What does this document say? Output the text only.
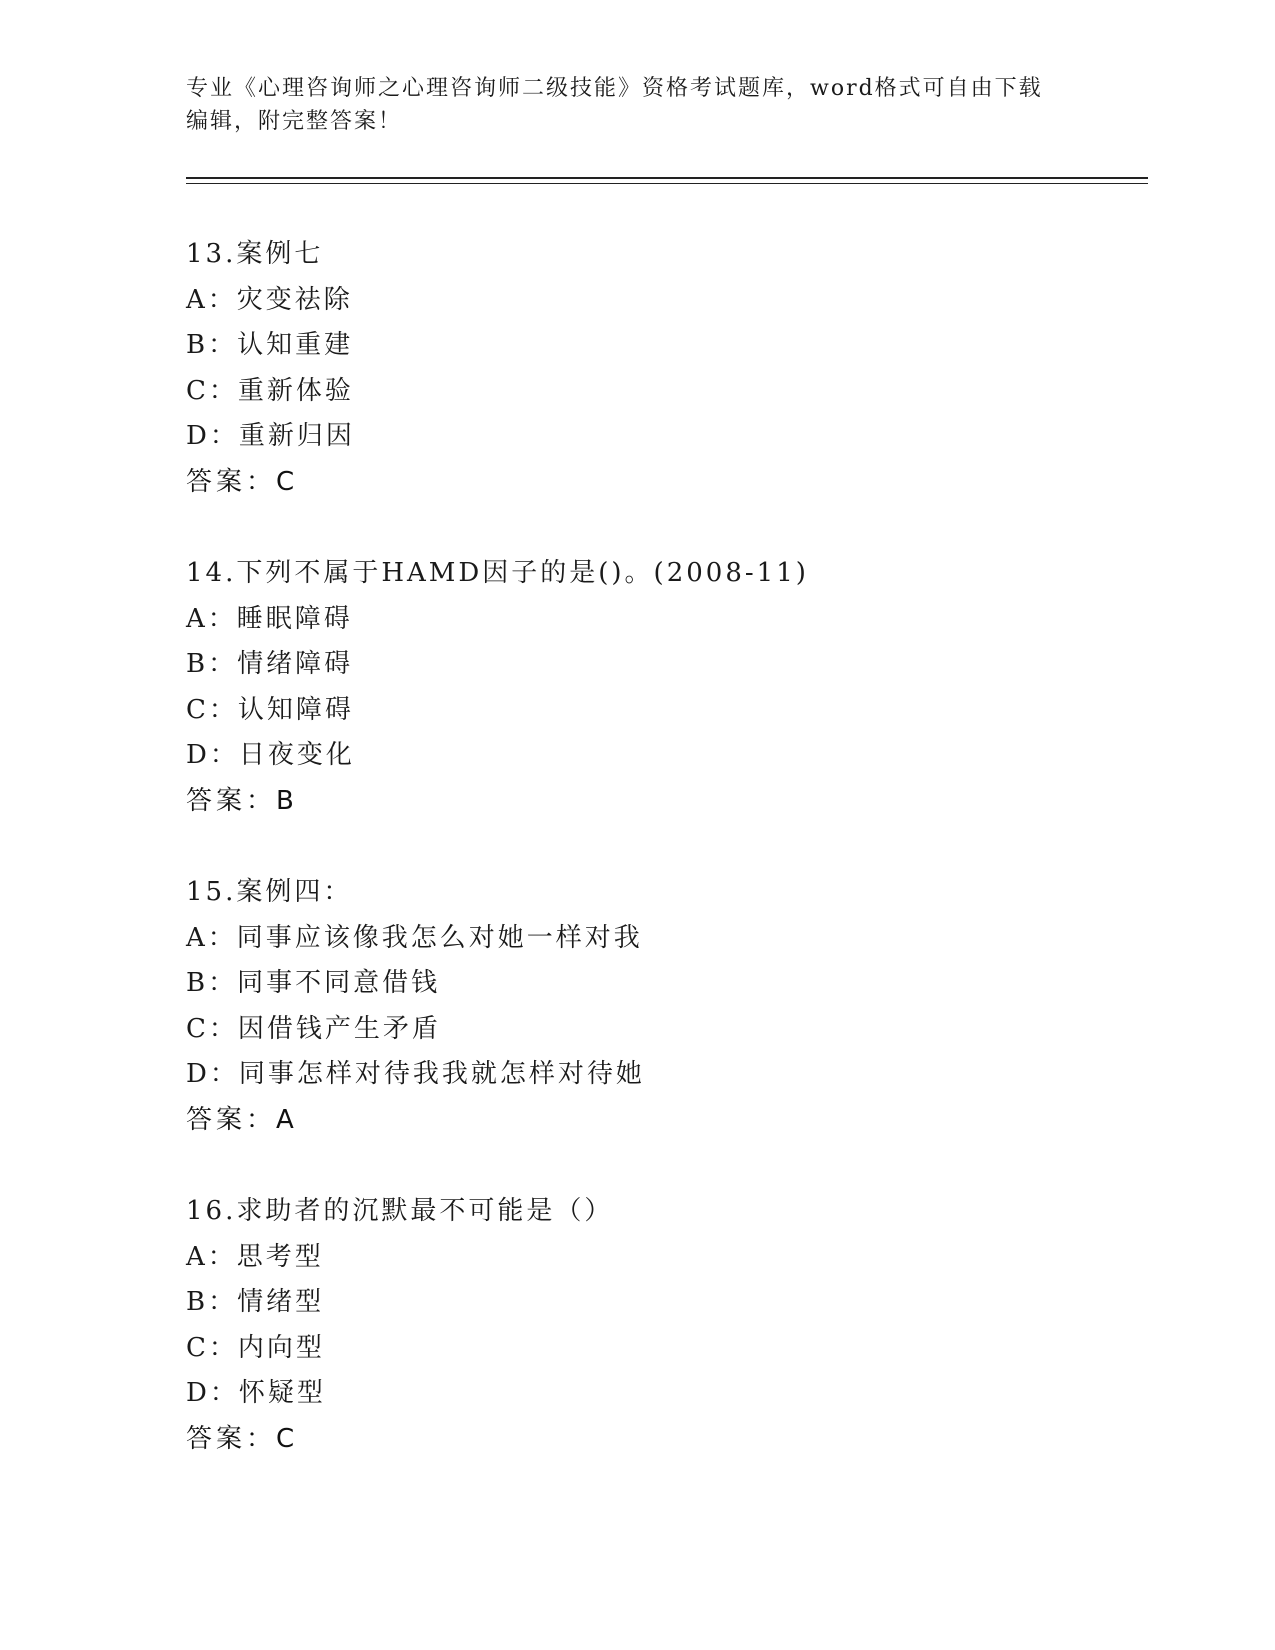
专业《心理咨询师之心理咨询师二级技能》资格考试题库，word格式可自由下载
编辑，附完整答案！
13.案例七
A：灾变祛除
B：认知重建
C：重新体验
D：重新归因
答案：C
14.下列不属于HAMD因子的是()。(2008-11)
A：睡眠障碍
B：情绪障碍
C：认知障碍
D：日夜变化
答案：B
15.案例四：
A：同事应该像我怎么对她一样对我
B：同事不同意借钱
C：因借钱产生矛盾
D：同事怎样对待我我就怎样对待她
答案：A
16.求助者的沉默最不可能是（）
A：思考型
B：情绪型
C：内向型
D：怀疑型
答案：C
